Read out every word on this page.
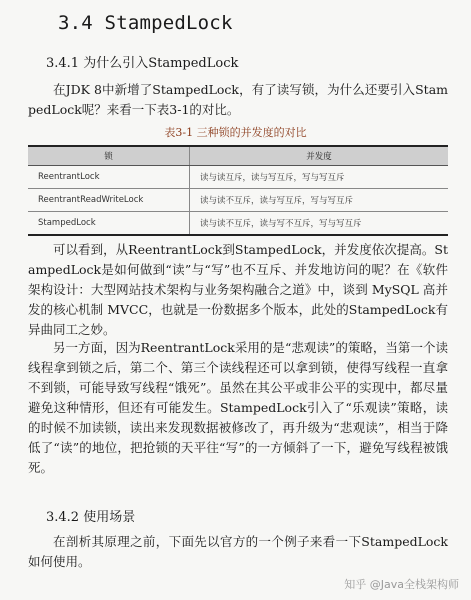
3.4 StampedLock
3.4.1 为什么引入StampedLock
在JDK 8中新增了StampedLock，有了读写锁，为什么还要引入StampedLock呢？来看一下表3-1的对比。
表3-1 三种锁的并发度的对比
锁	并发度
ReentrantLock	读与读互斥，读与写互斥，写与写互斥
ReentrantReadWriteLock	读与读不互斥，读与写互斥，写与写互斥
StampedLock	读与读不互斥，读与写不互斥，写与写互斥
可以看到，从ReentrantLock到StampedLock，并发度依次提高。StampedLock是如何做到“读”与“写”也不互斥、并发地访问的呢？在《软件架构设计：大型网站技术架构与业务架构融合之道》中，谈到 MySQL 高并发的核心机制 MVCC，也就是一份数据多个版本，此处的StampedLock有异曲同工之妙。
另一方面，因为ReentrantLock采用的是“悲观读”的策略，当第一个读线程拿到锁之后，第二个、第三个读线程还可以拿到锁，使得写线程一直拿不到锁，可能导致写线程“饿死”。虽然在其公平或非公平的实现中，都尽量避免这种情形，但还有可能发生。StampedLock引入了“乐观读”策略，读的时候不加读锁，读出来发现数据被修改了，再升级为“悲观读”，相当于降低了“读”的地位，把抢锁的天平往“写”的一方倾斜了一下，避免写线程被饿死。
3.4.2 使用场景
在剖析其原理之前，下面先以官方的一个例子来看一下StampedLock如何使用。
知乎 @Java全栈架构师
